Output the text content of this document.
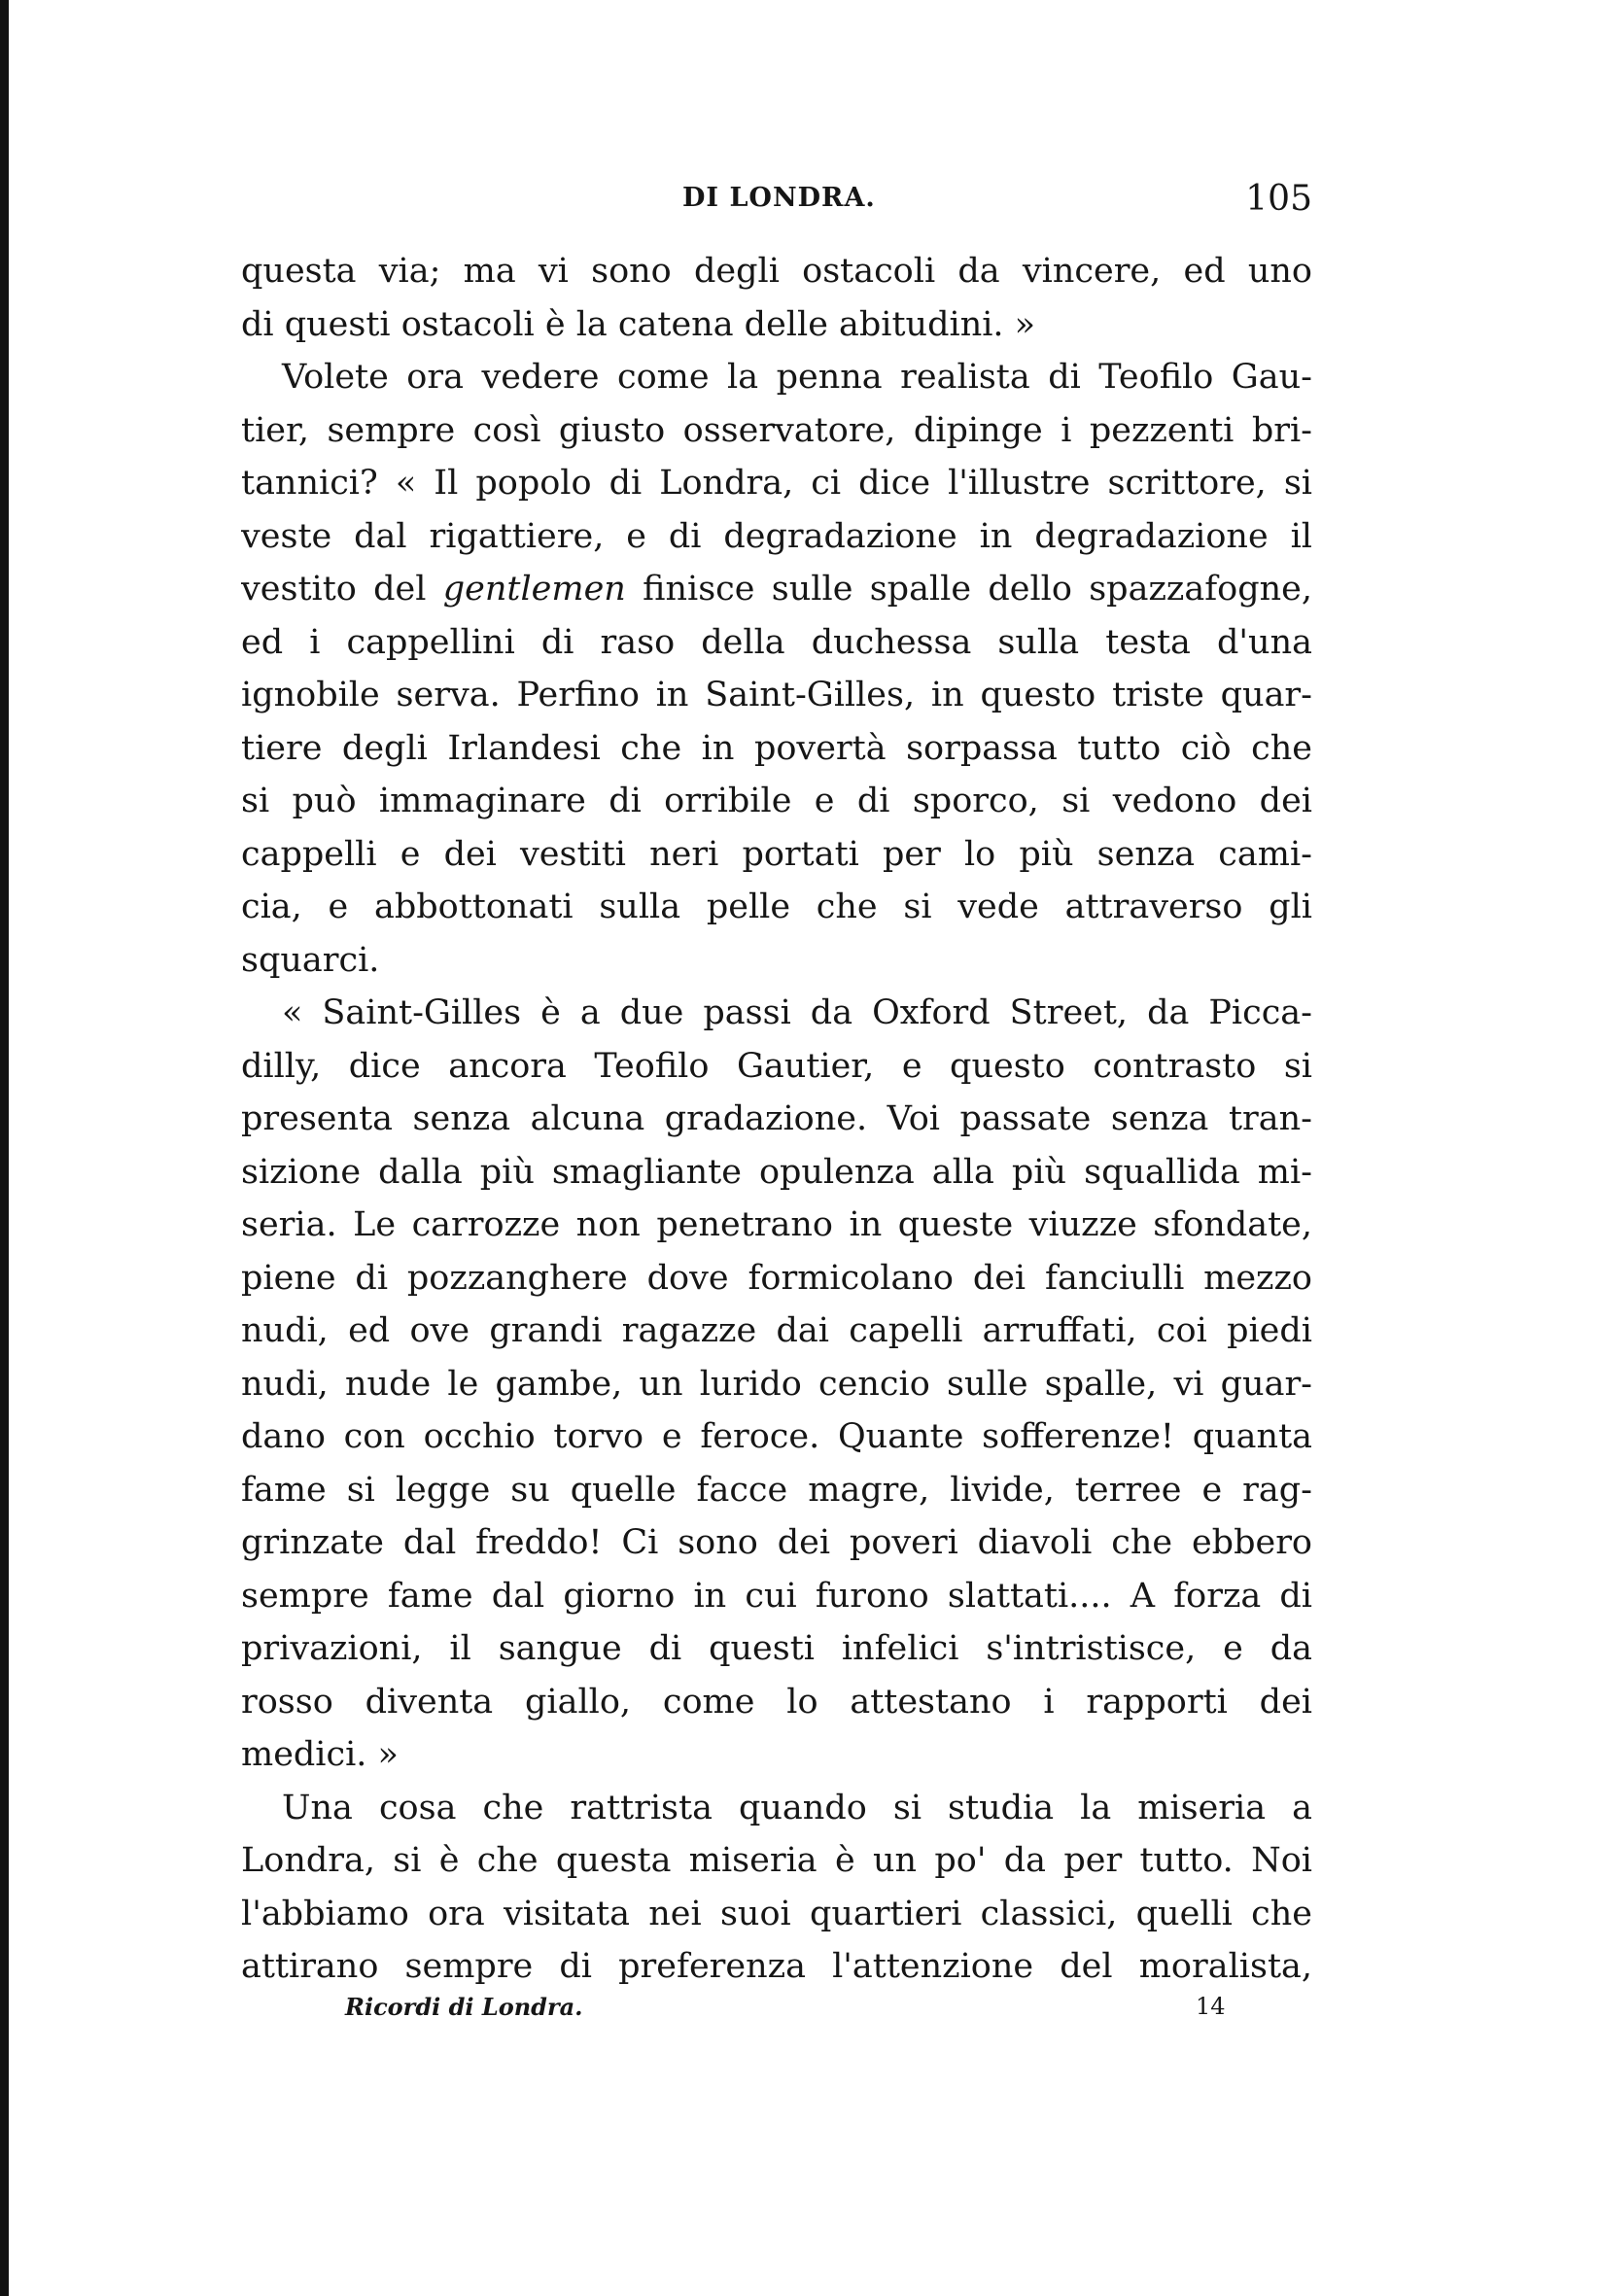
DI LONDRA.	105
questa via; ma vi sono degli ostacoli da vincere, ed uno
di questi ostacoli è la catena delle abitudini. »
Volete ora vedere come la penna realista di Teofilo Gau-
tier, sempre così giusto osservatore, dipinge i pezzenti bri-
tannici? « Il popolo di Londra, ci dice l'illustre scrittore, si
veste dal rigattiere, e di degradazione in degradazione il
vestito del gentlemen finisce sulle spalle dello spazzafogne,
ed i cappellini di raso della duchessa sulla testa d'una
ignobile serva. Perfino in Saint-Gilles, in questo triste quar-
tiere degli Irlandesi che in povertà sorpassa tutto ciò che
si può immaginare di orribile e di sporco, si vedono dei
cappelli e dei vestiti neri portati per lo più senza cami-
cia, e abbottonati sulla pelle che si vede attraverso gli
squarci.
« Saint-Gilles è a due passi da Oxford Street, da Picca-
dilly, dice ancora Teofilo Gautier, e questo contrasto si
presenta senza alcuna gradazione. Voi passate senza tran-
sizione dalla più smagliante opulenza alla più squallida mi-
seria. Le carrozze non penetrano in queste viuzze sfondate,
piene di pozzanghere dove formicolano dei fanciulli mezzo
nudi, ed ove grandi ragazze dai capelli arruffati, coi piedi
nudi, nude le gambe, un lurido cencio sulle spalle, vi guar-
dano con occhio torvo e feroce. Quante sofferenze! quanta
fame si legge su quelle facce magre, livide, terree e rag-
grinzate dal freddo! Ci sono dei poveri diavoli che ebbero
sempre fame dal giorno in cui furono slattati.... A forza di
privazioni, il sangue di questi infelici s'intristisce, e da
rosso diventa giallo, come lo attestano i rapporti dei
medici. »
Una cosa che rattrista quando si studia la miseria a
Londra, si è che questa miseria è un po' da per tutto. Noi
l'abbiamo ora visitata nei suoi quartieri classici, quelli che
attirano sempre di preferenza l'attenzione del moralista,
Ricordi di Londra.	14
